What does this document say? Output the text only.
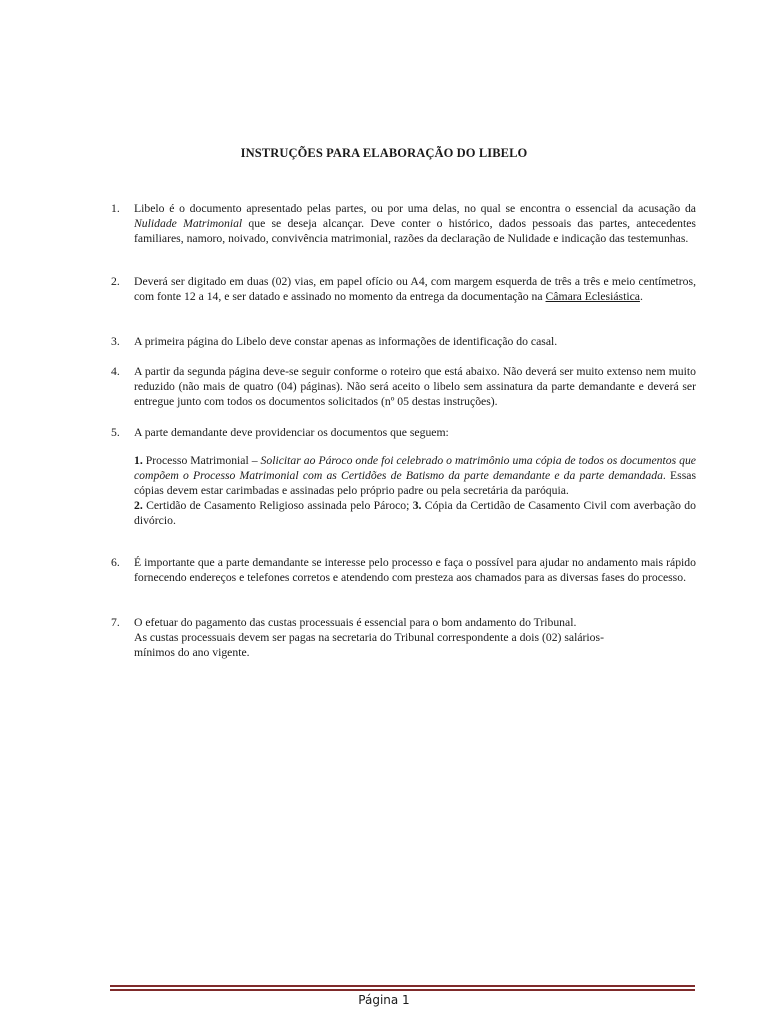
INSTRUÇÕES PARA ELABORAÇÃO DO LIBELO
1.	Libelo é o documento apresentado pelas partes, ou por uma delas, no qual se encontra o essencial da acusação da Nulidade Matrimonial que se deseja alcançar. Deve conter o histórico, dados pessoais das partes, antecedentes familiares, namoro, noivado, convivência matrimonial, razões da declaração de Nulidade e indicação das testemunhas.
2.	Deverá ser digitado em duas (02) vias, em papel ofício ou A4, com margem esquerda de três a três e meio centímetros, com fonte 12 a 14, e ser datado e assinado no momento da entrega da documentação na Câmara Eclesiástica.
3.	A primeira página do Libelo deve constar apenas as informações de identificação do casal.
4.	A partir da segunda página deve-se seguir conforme o roteiro que está abaixo. Não deverá ser muito extenso nem muito reduzido (não mais de quatro (04) páginas). Não será aceito o libelo sem assinatura da parte demandante e deverá ser entregue junto com todos os documentos solicitados (nº 05 destas instruções).
5.	A parte demandante deve providenciar os documentos que seguem:
1. Processo Matrimonial – Solicitar ao Pároco onde foi celebrado o matrimônio uma cópia de todos os documentos que compõem o Processo Matrimonial com as Certidões de Batismo da parte demandante e da parte demandada. Essas cópias devem estar carimbadas e assinadas pelo próprio padre ou pela secretária da paróquia.
2. Certidão de Casamento Religioso assinada pelo Pároco; 3. Cópia da Certidão de Casamento Civil com averbação do divórcio.
6.	É importante que a parte demandante se interesse pelo processo e faça o possível para ajudar no andamento mais rápido fornecendo endereços e telefones corretos e atendendo com presteza aos chamados para as diversas fases do processo.
7.	O efetuar do pagamento das custas processuais é essencial para o bom andamento do Tribunal.
As custas processuais devem ser pagas na secretaria do Tribunal correspondente a dois (02) salários-
mínimos do ano vigente.
Página 1
